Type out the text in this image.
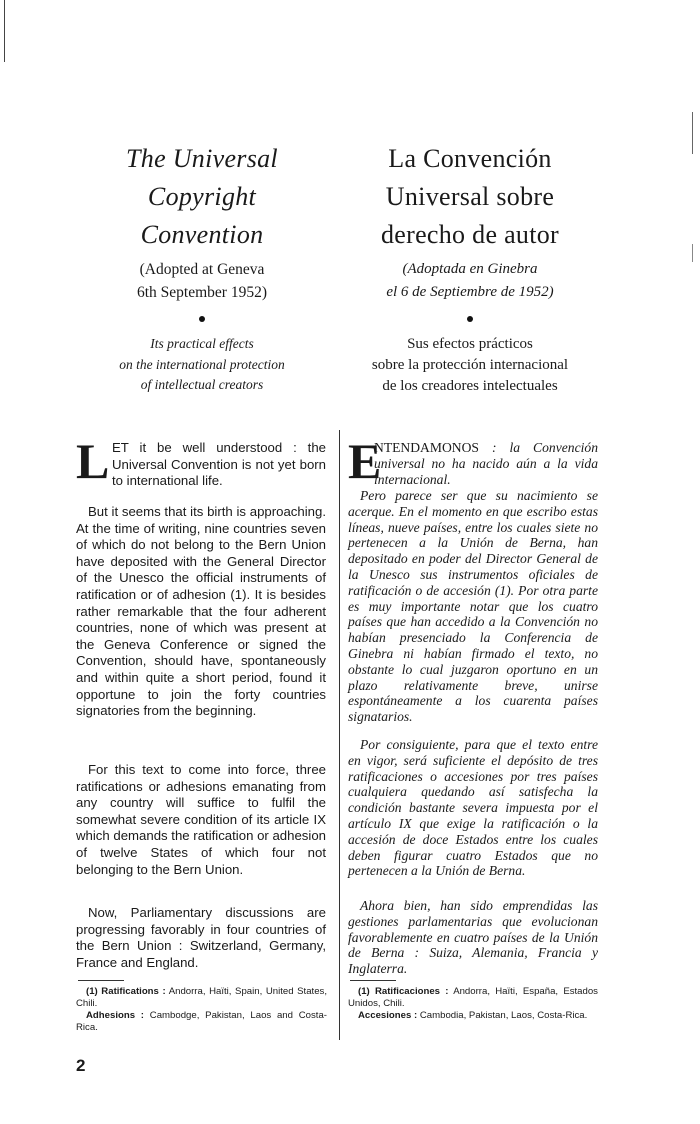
The Universal
Copyright
Convention
(Adopted at Geneva
6th September 1952)
Its practical effects
on the international protection
of intellectual creators
La Convención
Universal sobre
derecho de autor
(Adoptada en Ginebra
el 6 de Septiembre de 1952)
Sus efectos prácticos
sobre la protección internacional
de los creadores intelectuales
L ET it be well understood : the Universal Convention is not yet born to international life.
But it seems that its birth is approaching. At the time of writing, nine countries seven of which do not belong to the Bern Union have deposited with the General Director of the Unesco the official instruments of ratification or of adhesion (1). It is besides rather remarkable that the four adherent countries, none of which was present at the Geneva Conference or signed the Convention, should have, spontaneously and within quite a short period, found it opportune to join the forty countries signatories from the beginning.
For this text to come into force, three ratifications or adhesions emanating from any country will suffice to fulfil the somewhat severe condition of its article IX which demands the ratification or adhesion of twelve States of which four not belonging to the Bern Union.
Now, Parliamentary discussions are progressing favorably in four countries of the Bern Union : Switzerland, Germany, France and England.
E
NTENDAMONOS : la Convención universal no ha nacido aún a la vida internacional.
Pero parece ser que su nacimiento se acerque. En el momento en que escribo estas líneas, nueve países, entre los cuales siete no pertenecen a la Unión de Berna, han depositado en poder del Director General de la Unesco sus instrumentos oficiales de ratificación o de accesión (1). Por otra parte es muy importante notar que los cuatro países que han accedido a la Convención no habían presenciado la Conferencia de Ginebra ni habían firmado el texto, no obstante lo cual juzgaron oportuno en un plazo relativamente breve, unirse espontáneamente a los cuarenta países signatarios.
Por consiguiente, para que el texto entre en vigor, será suficiente el depósito de tres ratificaciones o accesiones por tres países cualquiera quedando así satisfecha la condición bastante severa impuesta por el artículo IX que exige la ratificación o la accesión de doce Estados entre los cuales deben figurar cuatro Estados que no pertenecen a la Unión de Berna.
Ahora bien, han sido emprendidas las gestiones parlamentarias que evolucionan favorablemente en cuatro países de la Unión de Berna : Suiza, Alemania, Francia y Inglaterra.
(1) Ratifications : Andorra, Haïti, Spain, United States, Chili.
Adhesions : Cambodge, Pakistan, Laos and Costa-Rica.
(1) Ratificaciones : Andorra, Haïti, España, Estados Unidos, Chili.
Accesiones : Cambodia, Pakistan, Laos, Costa-Rica.
2
